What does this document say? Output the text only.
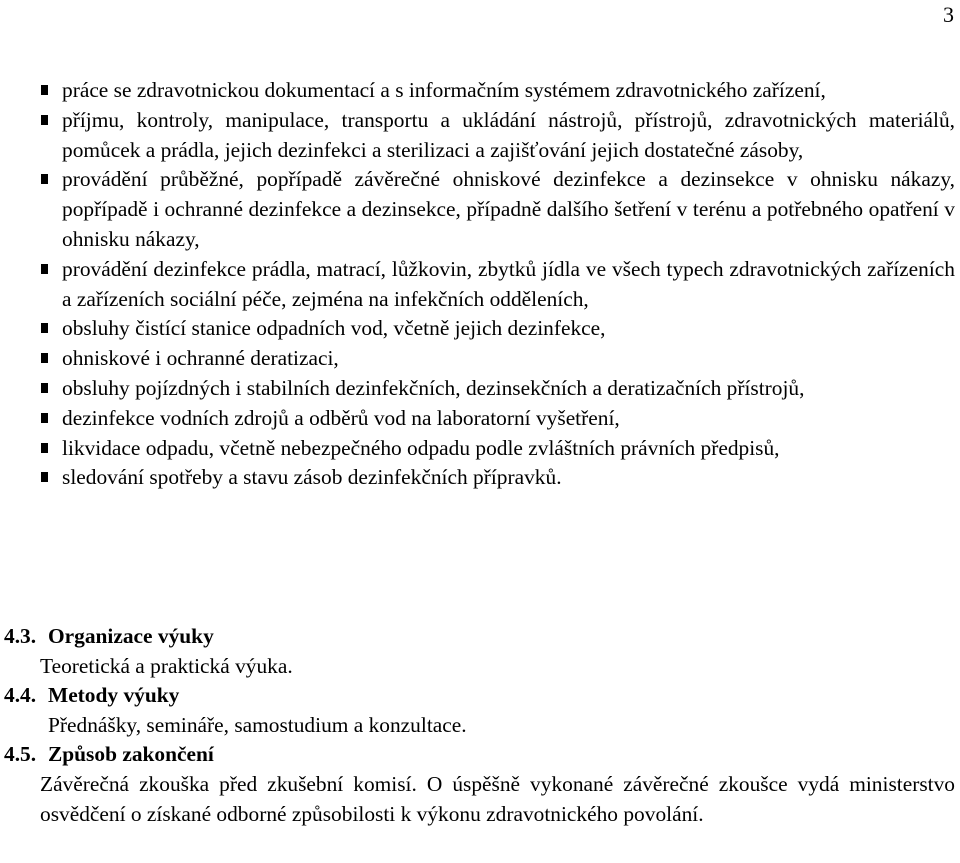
3
práce se zdravotnickou dokumentací a s informačním systémem zdravotnického zařízení,
příjmu, kontroly, manipulace, transportu a ukládání nástrojů, přístrojů, zdravotnických materiálů, pomůcek a prádla, jejich dezinfekci a sterilizaci a zajišťování jejich dostatečné zásoby,
provádění průběžné, popřípadě závěrečné ohniskové dezinfekce a dezinsekce v ohnisku nákazy, popřípadě i ochranné dezinfekce a dezinsekce, případně dalšího šetření v terénu a potřebného opatření v ohnisku nákazy,
provádění dezinfekce prádla, matrací, lůžkovin, zbytků jídla ve všech typech zdravotnických zařízeních a zařízeních sociální péče, zejména na infekčních odděleních,
obsluhy čistící stanice odpadních vod, včetně jejich dezinfekce,
ohniskové i ochranné deratizaci,
obsluhy pojízdných i stabilních dezinfekčních, dezinsekčních a deratizačních přístrojů,
dezinfekce vodních zdrojů a odběrů vod na laboratorní vyšetření,
likvidace odpadu, včetně nebezpečného odpadu podle zvláštních právních předpisů,
sledování spotřeby a stavu zásob dezinfekčních přípravků.
4.3. Organizace výuky

Teoretická a praktická výuka.

4.4. Metody výuky

Přednášky, semináře, samostudium a konzultace.

4.5. Způsob zakončení

Závěrečná zkouška před zkušební komisí. O úspěšně vykonané závěrečné zkoušce vydá ministerstvo osvědčení o získané odborné způsobilosti k výkonu zdravotnického povolání.
